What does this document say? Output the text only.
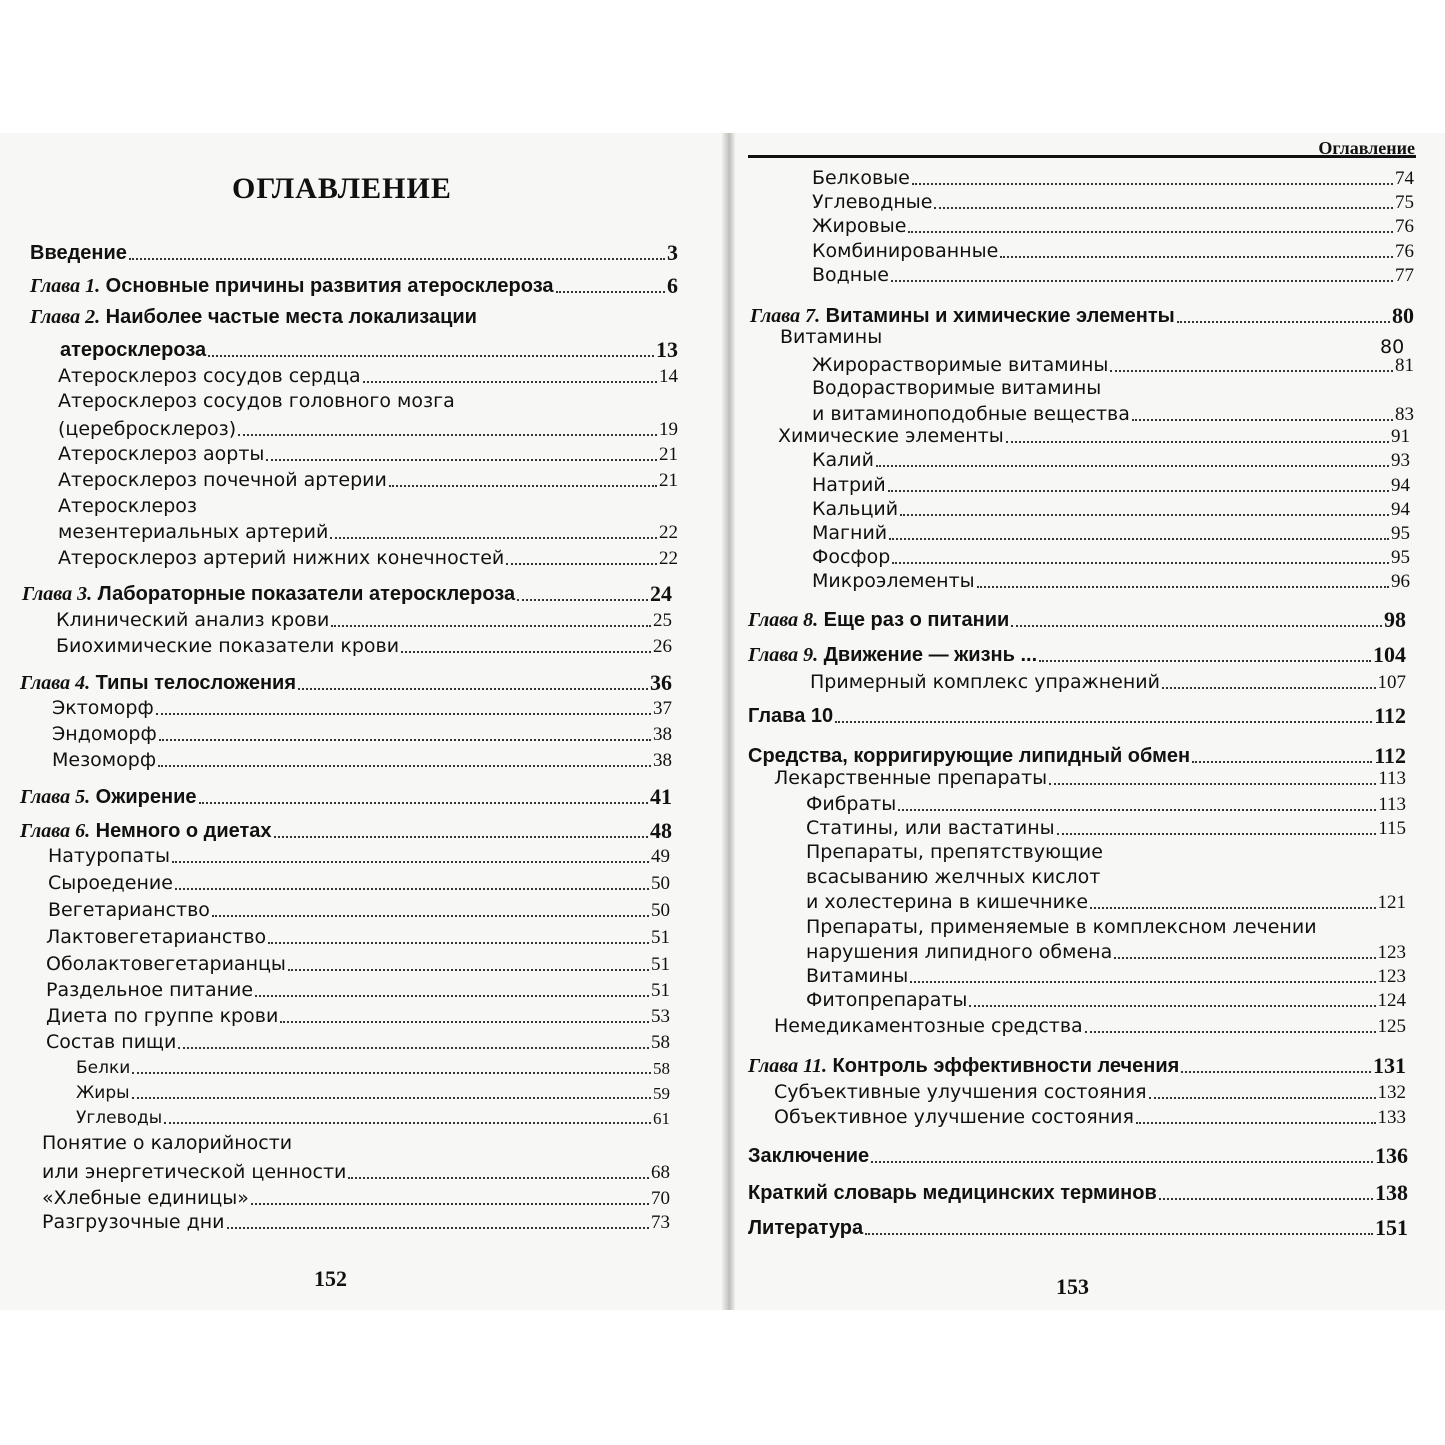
ОГЛАВЛЕНИЕ
Введение	3
Глава 1. Основные причины развития атеросклероза	6
Глава 2. Наиболее частые места локализации
атеросклероза	13
Атеросклероз сосудов сердца	14
Атеросклероз сосудов головного мозга
(церебросклероз)	19
Атеросклероз аорты	21
Атеросклероз почечной артерии	21
Атеросклероз
мезентериальных артерий	22
Атеросклероз артерий нижних конечностей	22
Глава 3. Лабораторные показатели атеросклероза	24
Клинический анализ крови	25
Биохимические показатели крови	26
Глава 4. Типы телосложения	36
Эктоморф	37
Эндоморф	38
Мезоморф	38
Глава 5. Ожирение	41
Глава 6. Немного о диетах	48
Натуропаты	49
Сыроедение	50
Вегетарианство	50
Лактовегетарианство	51
Оболактовегетарианцы	51
Раздельное питание	51
Диета по группе крови	53
Состав пищи	58
Белки	58
Жиры	59
Углеводы	61
Понятие о калорийности
или энергетической ценности	68
«Хлебные единицы»	70
Разгрузочные дни	73
152
Оглавление
Белковые	74
Углеводные	75
Жировые	76
Комбинированные	76
Водные	77
Глава 7. Витамины и химические элементы	80
Витамины	80
Жирорастворимые витамины	81
Водорастворимые витамины
и витаминоподобные вещества	83
Химические элементы	91
Калий	93
Натрий	94
Кальций	94
Магний	95
Фосфор	95
Микроэлементы	96
Глава 8. Еще раз о питании	98
Глава 9. Движение — жизнь ...	104
Примерный комплекс упражнений	107
Глава 10	112
Средства, корригирующие липидный обмен	112
Лекарственные препараты	113
Фибраты	113
Статины, или вастатины	115
Препараты, препятствующие
всасыванию желчных кислот
и холестерина в кишечнике	121
Препараты, применяемые в комплексном лечении
нарушения липидного обмена	123
Витамины	123
Фитопрепараты	124
Немедикаментозные средства	125
Глава 11. Контроль эффективности лечения	131
Субъективные улучшения состояния	132
Объективное улучшение состояния	133
Заключение	136
Краткий словарь медицинских терминов	138
Литература	151
153
